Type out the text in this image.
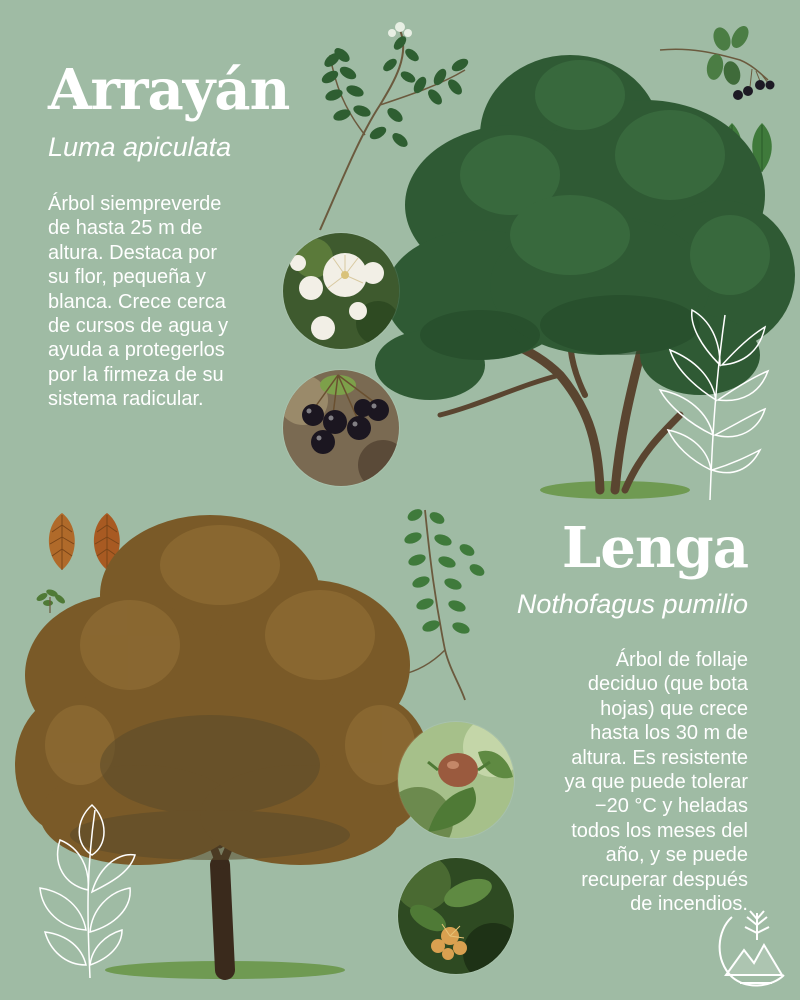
Arrayán
Luma apiculata
Árbol siempreverde
de hasta 25 m de
altura. Destaca por
su flor, pequeña y
blanca. Crece cerca
de cursos de agua y
ayuda a protegerlos
por la firmeza de su
sistema radicular.
Lenga
Nothofagus pumilio
Árbol de follaje
deciduo (que bota
hojas) que crece
hasta los 30 m de
altura. Es resistente
ya que puede tolerar
−20 °C y heladas
todos los meses del
año, y se puede
recuperar después
de incendios.
